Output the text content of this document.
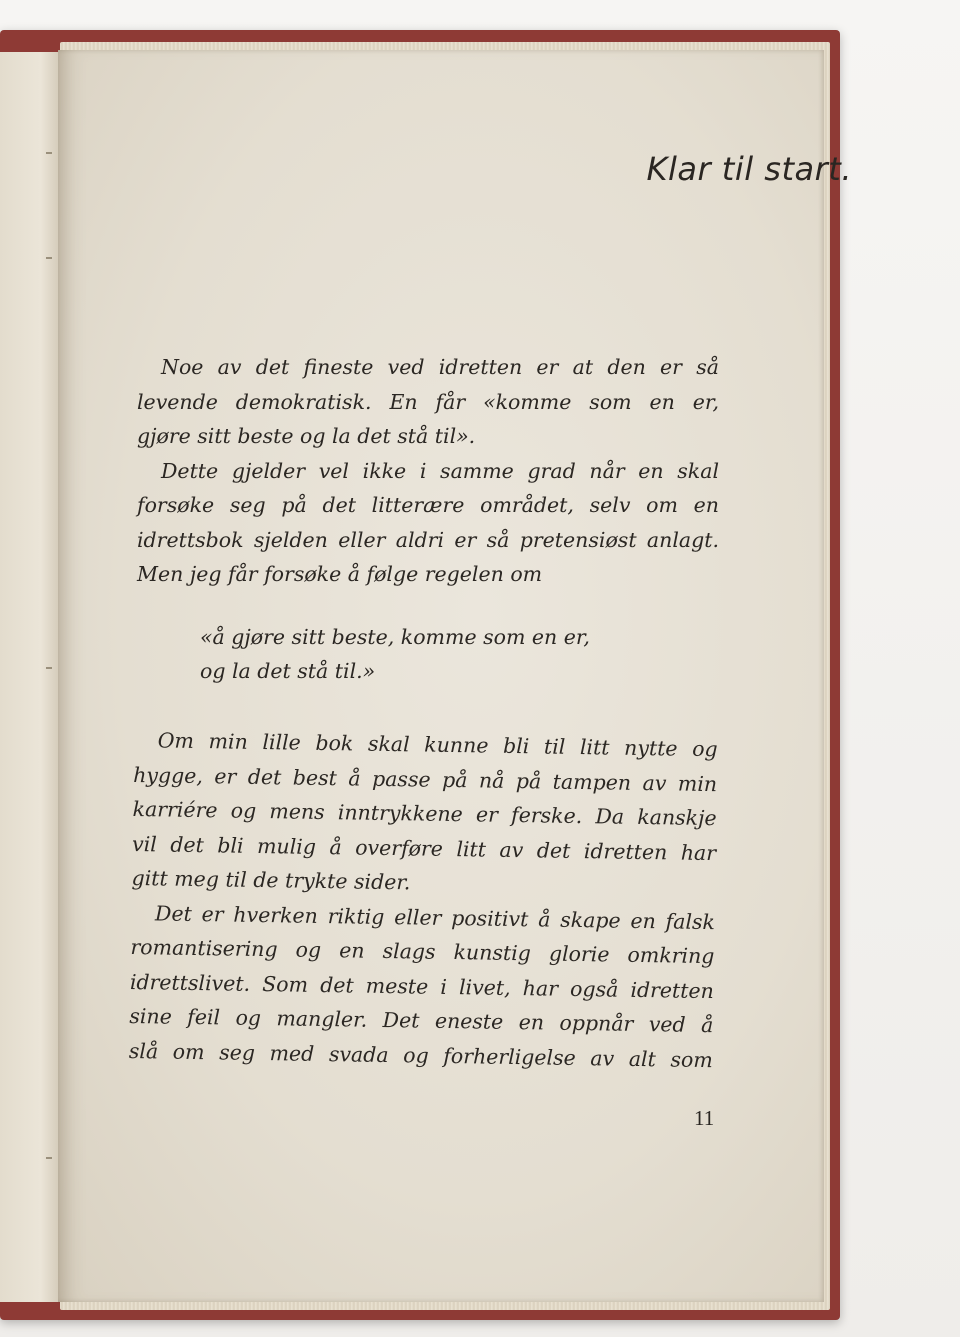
Klar til start.
Noe av det fineste ved idretten er at den er så
levende demokratisk. En får «komme som en er,
gjøre sitt beste og la det stå til».
Dette gjelder vel ikke i samme grad når en skal
forsøke seg på det litterære området, selv om en
idrettsbok sjelden eller aldri er så pretensiøst anlagt.
Men jeg får forsøke å følge regelen om
«å gjøre sitt beste, komme som en er,
og la det stå til.»
Om min lille bok skal kunne bli til litt nytte og
hygge, er det best å passe på nå på tampen av min
karriére og mens inntrykkene er ferske. Da kanskje
vil det bli mulig å overføre litt av det idretten har
gitt meg til de trykte sider.
Det er hverken riktig eller positivt å skape en falsk
romantisering og en slags kunstig glorie omkring
idrettslivet. Som det meste i livet, har også idretten
sine feil og mangler. Det eneste en oppnår ved å
slå om seg med svada og forherligelse av alt som
11
